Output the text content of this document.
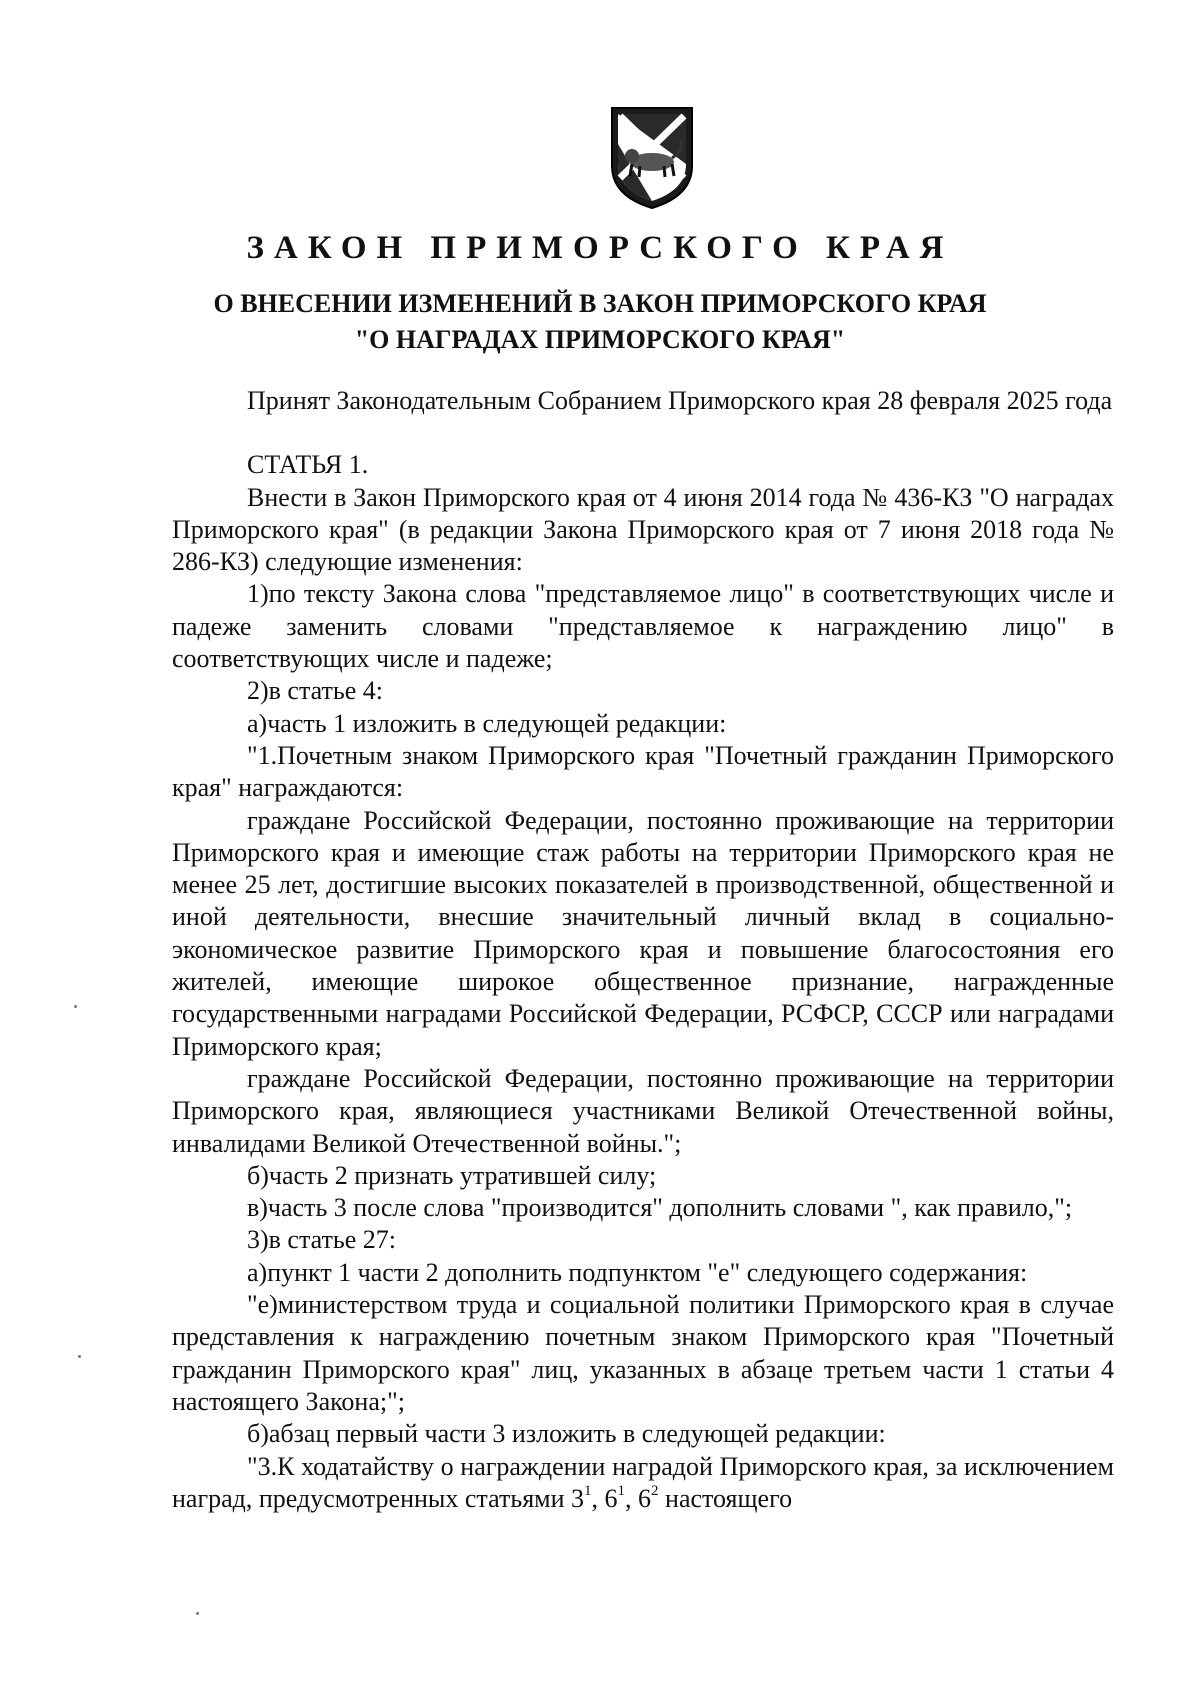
ЗАКОН ПРИМОРСКОГО КРАЯ
О ВНЕСЕНИИ ИЗМЕНЕНИЙ В ЗАКОН ПРИМОРСКОГО КРАЯ
"О НАГРАДАХ ПРИМОРСКОГО КРАЯ"

Принят Законодательным Собранием Приморского края 28 февраля 2025 года

СТАТЬЯ 1.

Внести в Закон Приморского края от 4 июня 2014 года № 436-КЗ "О наградах Приморского края" (в редакции Закона Приморского края от 7 июня 2018 года № 286-КЗ) следующие изменения:

1)по тексту Закона слова "представляемое лицо" в соответствующих числе и падеже заменить словами "представляемое к награждению лицо" в соответствующих числе и падеже;

2)в статье 4:

а)часть 1 изложить в следующей редакции:

"1.Почетным знаком Приморского края "Почетный гражданин Приморского края" награждаются:

граждане Российской Федерации, постоянно проживающие на территории Приморского края и имеющие стаж работы на территории Приморского края не менее 25 лет, достигшие высоких показателей в производственной, общественной и иной деятельности, внесшие значительный личный вклад в социально-экономическое развитие Приморского края и повышение благосостояния его жителей, имеющие широкое общественное признание, награжденные государственными наградами Российской Федерации, РСФСР, СССР или наградами Приморского края;

граждане Российской Федерации, постоянно проживающие на территории Приморского края, являющиеся участниками Великой Отечественной войны, инвалидами Великой Отечественной войны.";

б)часть 2 признать утратившей силу;

в)часть 3 после слова "производится" дополнить словами ", как правило,";

3)в статье 27:

а)пункт 1 части 2 дополнить подпунктом "е" следующего содержания:

"е)министерством труда и социальной политики Приморского края в случае представления к награждению почетным знаком Приморского края "Почетный гражданин Приморского края" лиц, указанных в абзаце третьем части 1 статьи 4 настоящего Закона;";

б)абзац первый части 3 изложить в следующей редакции:

"3.К ходатайству о награждении наградой Приморского края, за исключением наград, предусмотренных статьями $3^1$, $6^1$, $6^2$ настоящего
